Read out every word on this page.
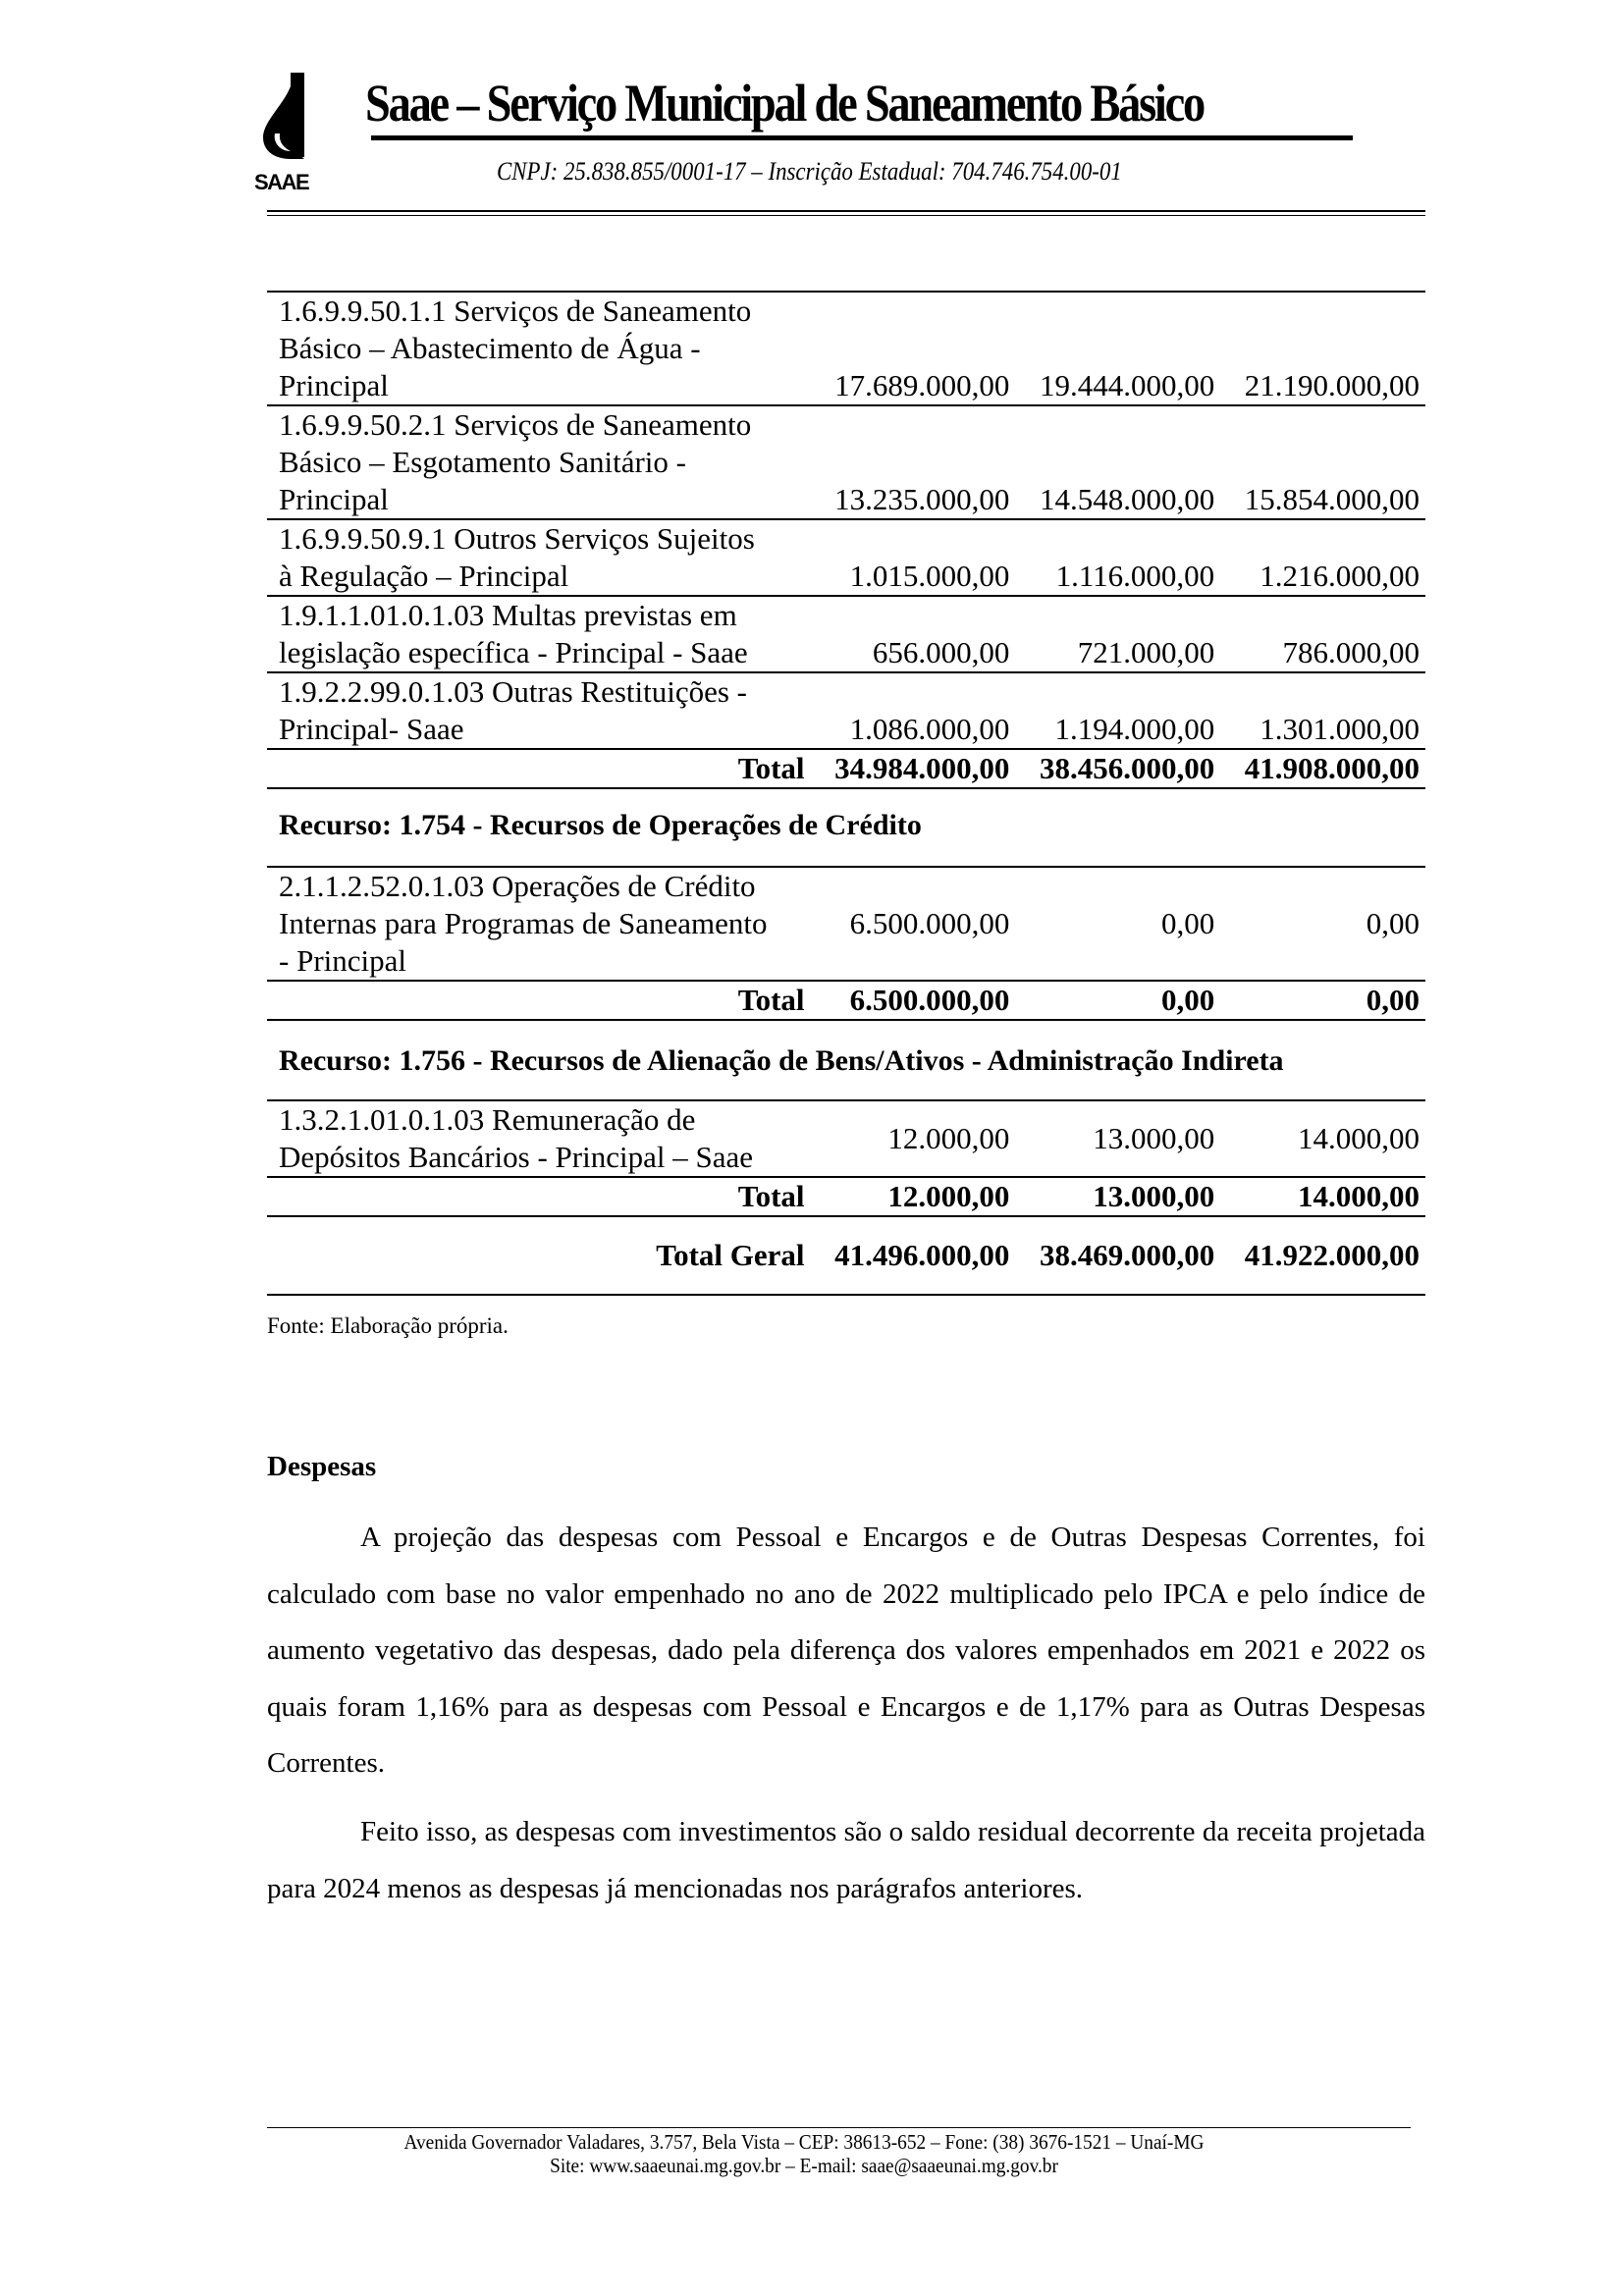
SAAE
Saae – Serviço Municipal de Saneamento Básico
CNPJ: 25.838.855/0001-17 – Inscrição Estadual: 704.746.754.00-01
1.6.9.9.50.1.1 Serviços de Saneamento
Básico – Abastecimento de Água -
Principal	17.689.000,00 19.444.000,00 21.190.000,00
1.6.9.9.50.2.1 Serviços de Saneamento
Básico – Esgotamento Sanitário -
Principal	13.235.000,00 14.548.000,00 15.854.000,00
1.6.9.9.50.9.1 Outros Serviços Sujeitos
à Regulação – Principal	1.015.000,00	1.116.000,00	1.216.000,00
1.9.1.1.01.0.1.03 Multas previstas em
legislação específica - Principal - Saae	656.000,00	721.000,00	786.000,00
1.9.2.2.99.0.1.03 Outras Restituições -
Principal- Saae	1.086.000,00	1.194.000,00	1.301.000,00
Total 34.984.000,00 38.456.000,00 41.908.000,00
Recurso: 1.754 - Recursos de Operações de Crédito
2.1.1.2.52.0.1.03 Operações de Crédito
Internas para Programas de Saneamento
- Principal
6.500.000,00	0,00	0,00
Total	6.500.000,00	0,00	0,00
Recurso: 1.756 - Recursos de Alienação de Bens/Ativos - Administração Indireta
1.3.2.1.01.0.1.03 Remuneração de
Depósitos Bancários - Principal – Saae
12.000,00	13.000,00	14.000,00
Total	12.000,00	13.000,00	14.000,00
Total Geral 41.496.000,00 38.469.000,00 41.922.000,00
Fonte: Elaboração própria.
Despesas
A projeção das despesas com Pessoal e Encargos e de Outras Despesas Correntes, foi calculado com base no valor empenhado no ano de 2022 multiplicado pelo IPCA e pelo índice de aumento vegetativo das despesas, dado pela diferença dos valores empenhados em 2021 e 2022 os quais foram 1,16% para as despesas com Pessoal e Encargos e de 1,17% para as Outras Despesas Correntes.
Feito isso, as despesas com investimentos são o saldo residual decorrente da receita projetada para 2024 menos as despesas já mencionadas nos parágrafos anteriores.
Avenida Governador Valadares, 3.757, Bela Vista – CEP: 38613-652 – Fone: (38) 3676-1521 – Unaí-MG
Site: www.saaeunai.mg.gov.br – E-mail: saae@saaeunai.mg.gov.br
